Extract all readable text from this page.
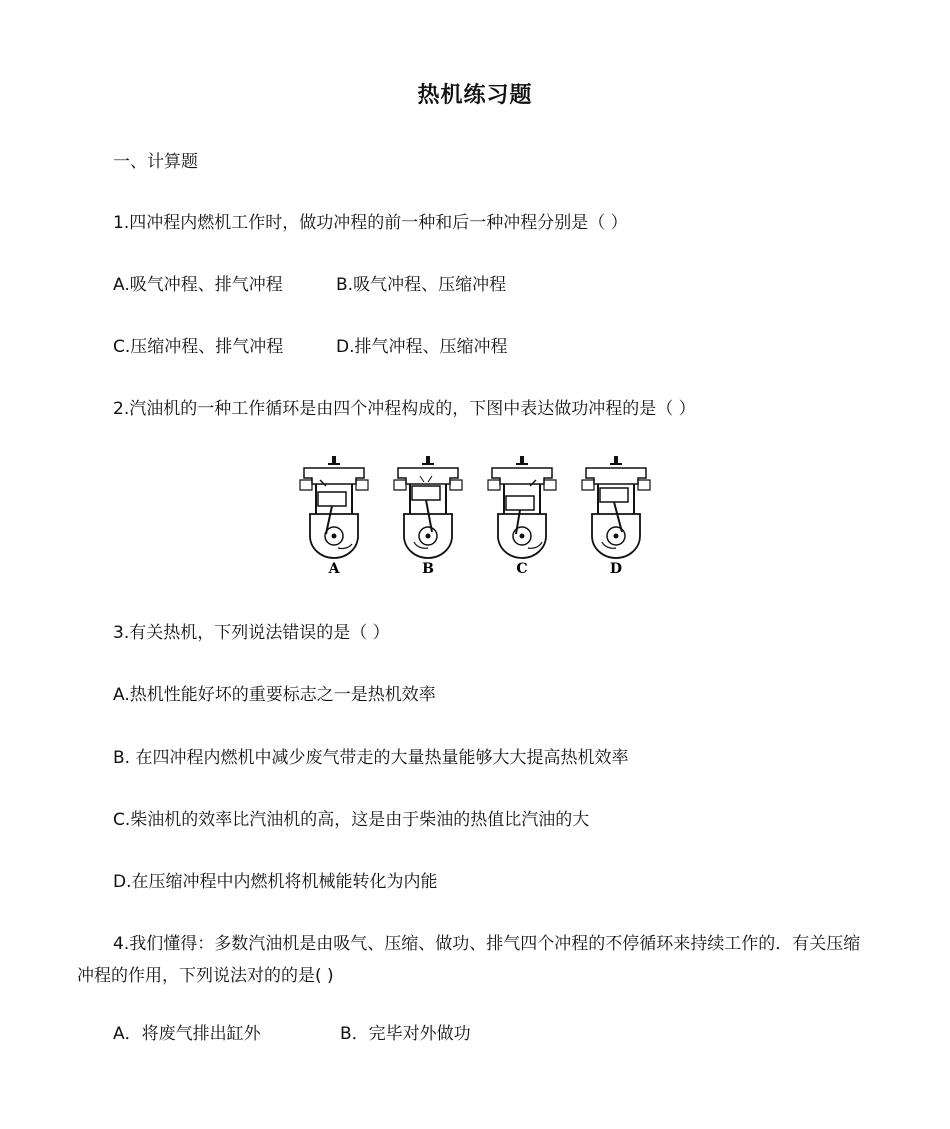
热机练习题
一、计算题
1.四冲程内燃机工作时，做功冲程的前一种和后一种冲程分别是（ ）
A.吸气冲程、排气冲程	B.吸气冲程、压缩冲程
C.压缩冲程、排气冲程	D.排气冲程、压缩冲程
2.汽油机的一种工作循环是由四个冲程构成的，下图中表达做功冲程的是（ ）
A	B	C	D
3.有关热机，下列说法错误的是（ ）
A.热机性能好坏的重要标志之一是热机效率
B. 在四冲程内燃机中减少废气带走的大量热量能够大大提高热机效率
C.柴油机的效率比汽油机的高，这是由于柴油的热值比汽油的大
D.在压缩冲程中内燃机将机械能转化为内能
4.我们懂得：多数汽油机是由吸气、压缩、做功、排气四个冲程的不停循环来持续工作的．有关压缩冲程的作用，下列说法对的的是( )
A．将废气排出缸外	B．完毕对外做功
